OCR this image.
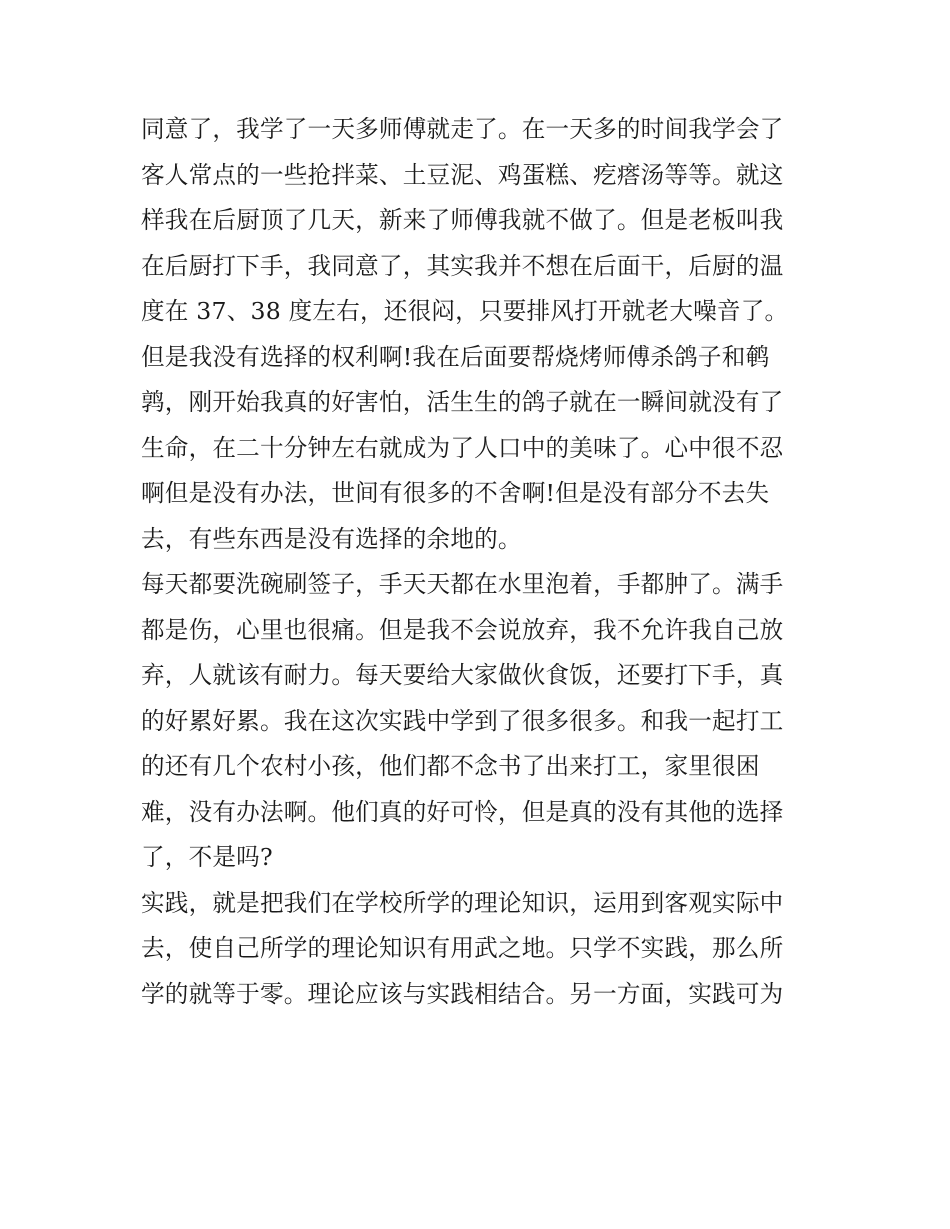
同意了，我学了一天多师傅就走了。在一天多的时间我学会了
客人常点的一些抢拌菜、土豆泥、鸡蛋糕、疙瘩汤等等。就这
样我在后厨顶了几天，新来了师傅我就不做了。但是老板叫我
在后厨打下手，我同意了，其实我并不想在后面干，后厨的温
度在 37、38 度左右，还很闷，只要排风打开就老大噪音了。
但是我没有选择的权利啊!我在后面要帮烧烤师傅杀鸽子和鹌
鹑，刚开始我真的好害怕，活生生的鸽子就在一瞬间就没有了
生命，在二十分钟左右就成为了人口中的美味了。心中很不忍
啊但是没有办法，世间有很多的不舍啊!但是没有部分不去失
去，有些东西是没有选择的余地的。
每天都要洗碗刷签子，手天天都在水里泡着，手都肿了。满手
都是伤，心里也很痛。但是我不会说放弃，我不允许我自己放
弃，人就该有耐力。每天要给大家做伙食饭，还要打下手，真
的好累好累。我在这次实践中学到了很多很多。和我一起打工
的还有几个农村小孩，他们都不念书了出来打工，家里很困
难，没有办法啊。他们真的好可怜，但是真的没有其他的选择
了，不是吗?
实践，就是把我们在学校所学的理论知识，运用到客观实际中
去，使自己所学的理论知识有用武之地。只学不实践，那么所
学的就等于零。理论应该与实践相结合。另一方面，实践可为
